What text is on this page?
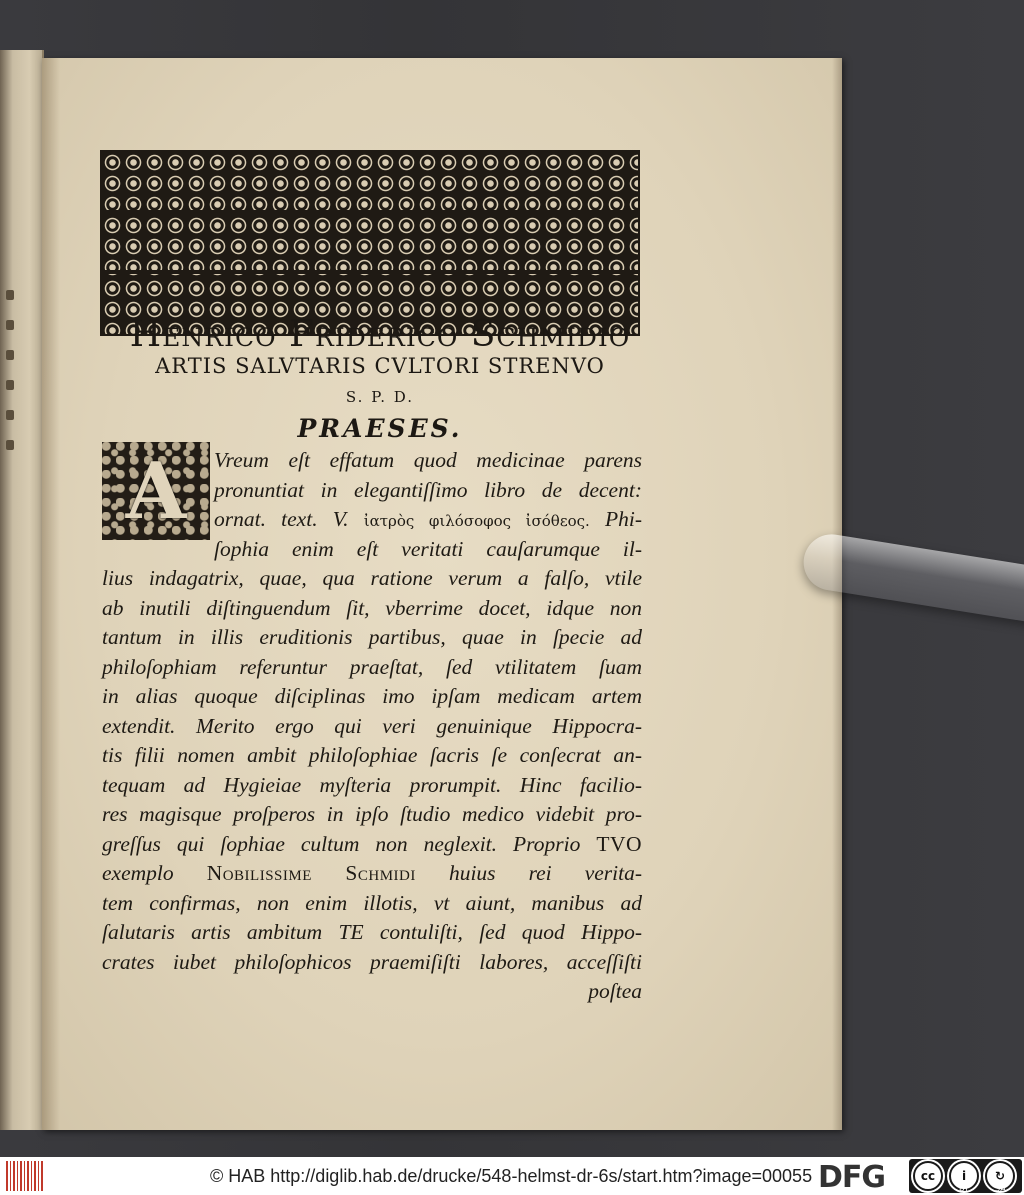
Henrico Friderico Schmidio
ARTIS SALVTARIS CVLTORI STRENVO
S. P. D.
PRAESES.
A	Vreum eſt effatum quod medicinae parens
pronuntiat in elegantiſſimo libro de decent:
ornat. text. V. ἰατρὸς φιλόσοφος ἰσόθεος. Phi-
ſophia enim eſt veritati cauſarumque il-
lius indagatrix, quae, qua ratione verum a falſo, vtile
ab inutili diſtinguendum ſit, vberrime docet, idque non
tantum in illis eruditionis partibus, quae in ſpecie ad
philoſophiam referuntur praeſtat, ſed vtilitatem ſuam
in alias quoque diſciplinas imo ipſam medicam artem
extendit. Merito ergo qui veri genuinique Hippocra-
tis filii nomen ambit philoſophiae ſacris ſe conſecrat an-
tequam ad Hygieiae myſteria prorumpit. Hinc facilio-
res magisque proſperos in ipſo ſtudio medico videbit pro-
greſſus qui ſophiae cultum non neglexit. Proprio TVO
exemplo Nobilissime Schmidi huius rei verita-
tem confirmas, non enim illotis, vt aiunt, manibus ad
ſalutaris artis ambitum TE contuliſti, ſed quod Hippo-
crates iubet philoſophicos praemiſiſti labores, acceſſiſti
poſtea
© HAB http://diglib.hab.de/drucke/548-helmst-dr-6s/start.htm?image=00055 DFG	cc	i	↻
BY	SA
